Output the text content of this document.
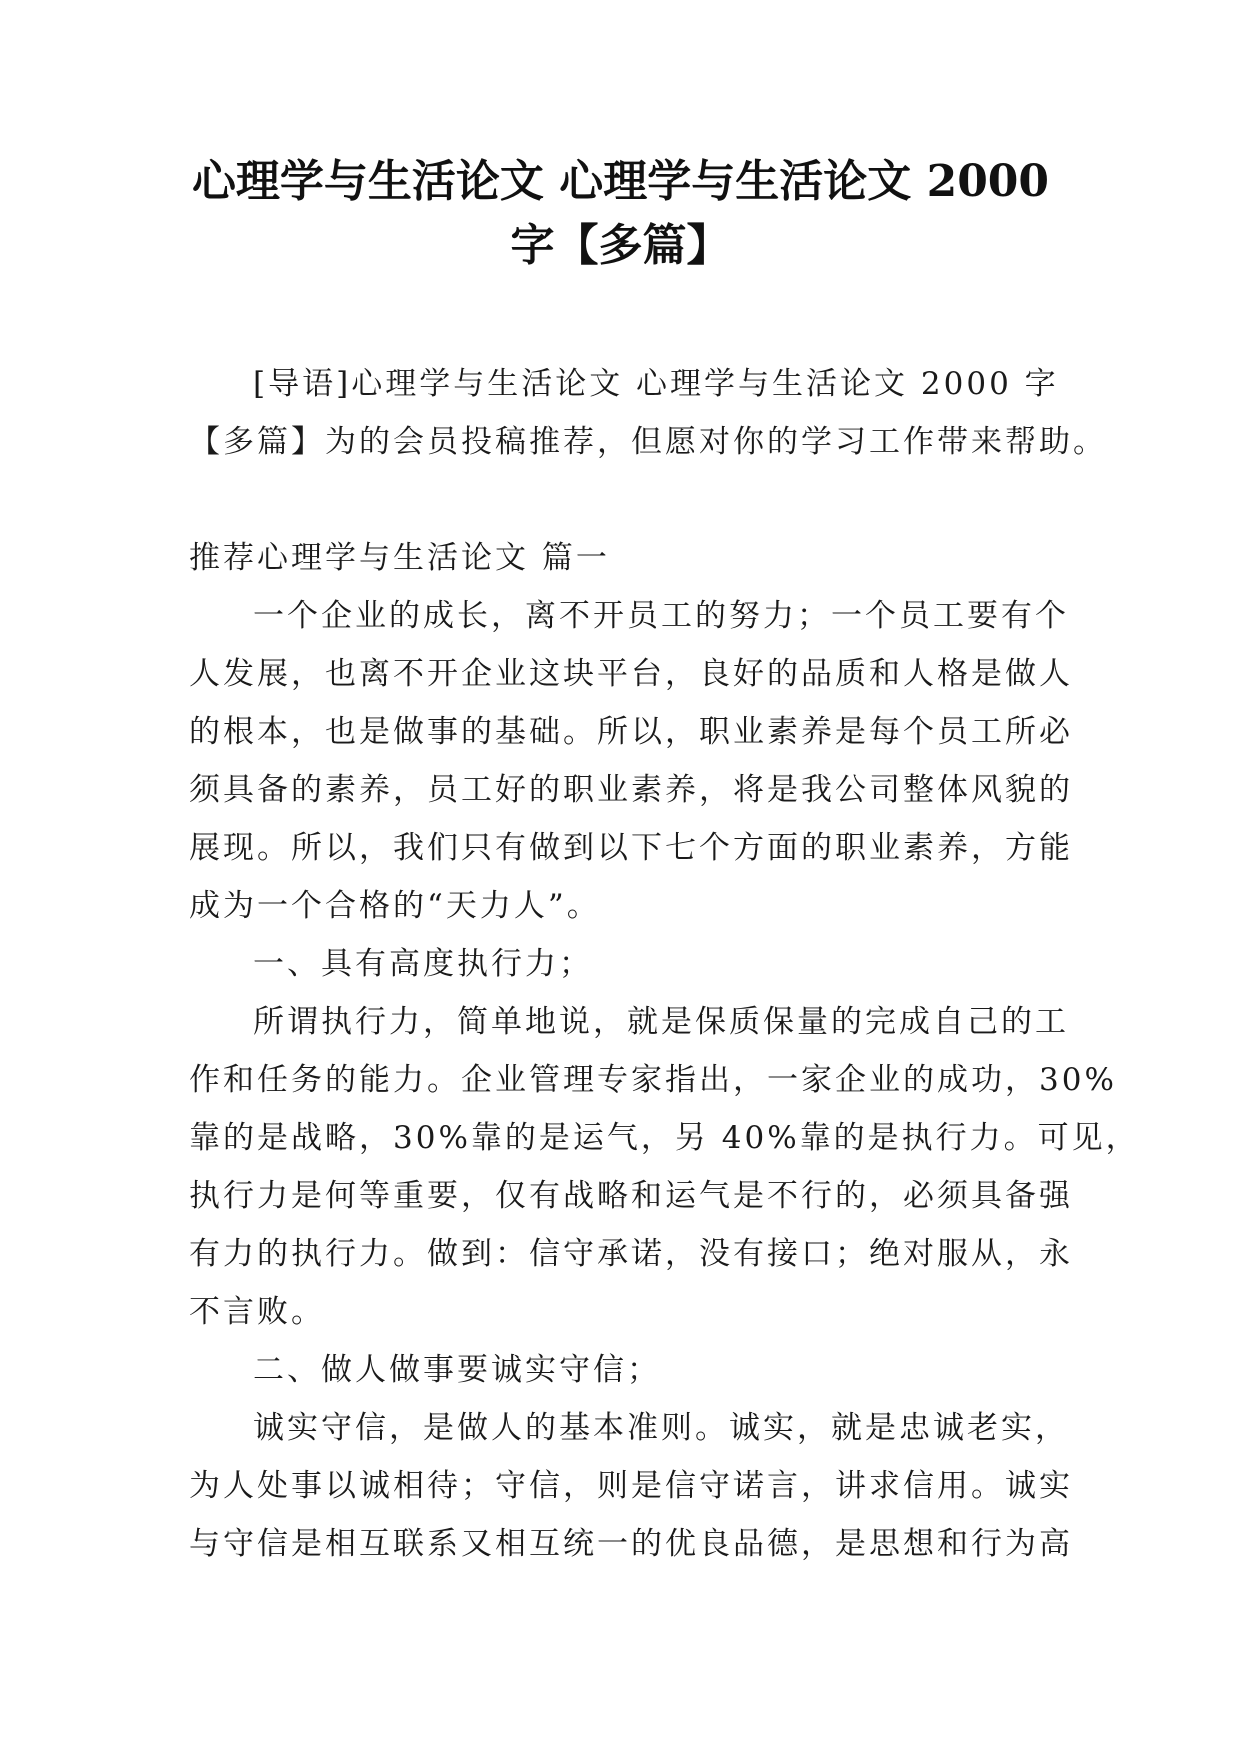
心理学与生活论文 心理学与生活论文 2000
字【多篇】
[导语]心理学与生活论文 心理学与生活论文 2000 字
【多篇】为的会员投稿推荐，但愿对你的学习工作带来帮助。
推荐心理学与生活论文 篇一
一个企业的成长，离不开员工的努力；一个员工要有个
人发展，也离不开企业这块平台，良好的品质和人格是做人
的根本，也是做事的基础。所以，职业素养是每个员工所必
须具备的素养，员工好的职业素养，将是我公司整体风貌的
展现。所以，我们只有做到以下七个方面的职业素养，方能
成为一个合格的“天力人”。
一、具有高度执行力；
所谓执行力，简单地说，就是保质保量的完成自己的工
作和任务的能力。企业管理专家指出，一家企业的成功，30%
靠的是战略，30%靠的是运气，另 40%靠的是执行力。可见，
执行力是何等重要，仅有战略和运气是不行的，必须具备强
有力的执行力。做到：信守承诺，没有接口；绝对服从，永
不言败。
二、做人做事要诚实守信；
诚实守信，是做人的基本准则。诚实，就是忠诚老实，
为人处事以诚相待；守信，则是信守诺言，讲求信用。诚实
与守信是相互联系又相互统一的优良品德，是思想和行为高
